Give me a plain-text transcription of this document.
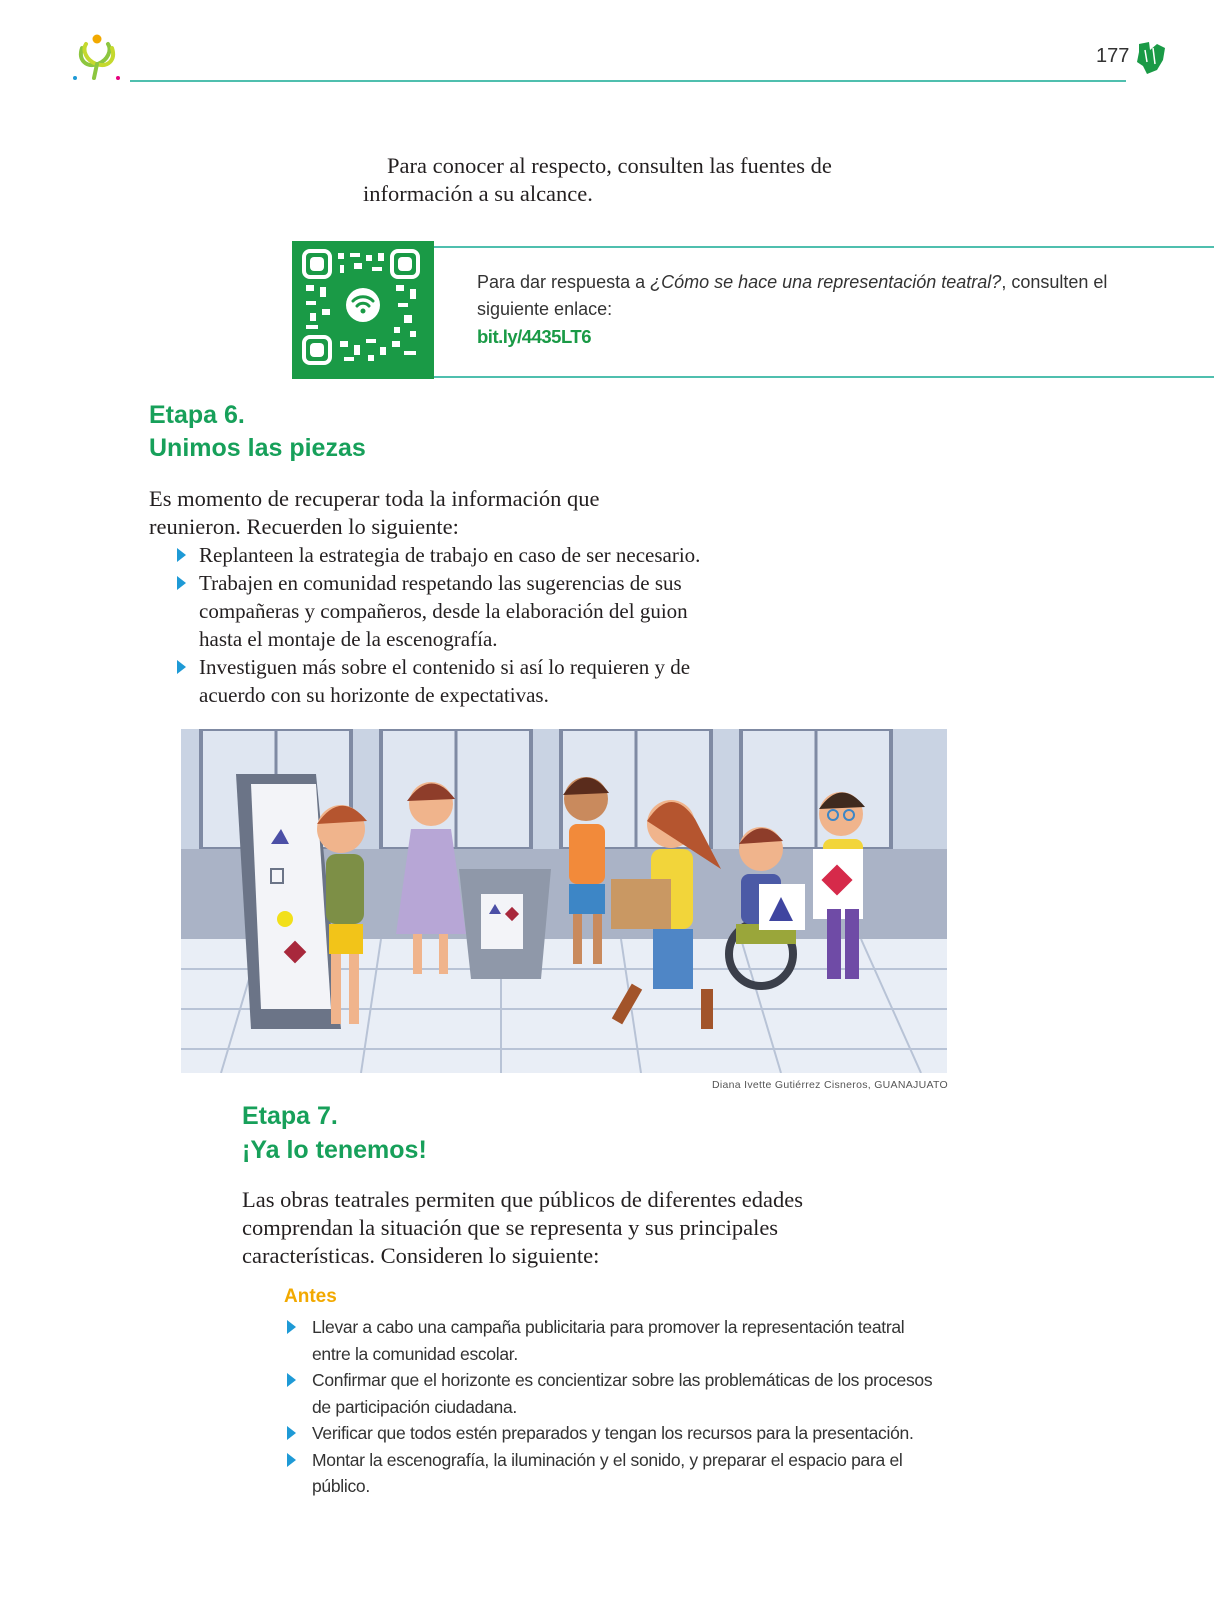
177

Para conocer al respecto, consulten las fuentes de
información a su alcance.

Para dar respuesta a ¿Cómo se hace una representación teatral?, consulten el siguiente enlace:
bit.ly/4435LT6
Etapa 6.
Unimos las piezas

Es momento de recuperar toda la información que reunieron. Recuerden lo siguiente:

Replanteen la estrategia de trabajo en caso de ser necesario.
Trabajen en comunidad respetando las sugerencias de sus compañeras y compañeros, desde la elaboración del guion hasta el montaje de la escenografía.
Investiguen más sobre el contenido si así lo requieren y de acuerdo con su horizonte de expectativas.
Diana Ivette Gutiérrez Cisneros, GUANAJUATO
Etapa 7.
¡Ya lo tenemos!

Las obras teatrales permiten que públicos de diferentes edades comprendan la situación que se representa y sus principales características. Consideren lo siguiente:

Antes
Llevar a cabo una campaña publicitaria para promover la representación teatral entre la comunidad escolar.
Confirmar que el horizonte es concientizar sobre las problemáticas de los procesos de participación ciudadana.
Verificar que todos estén preparados y tengan los recursos para la presentación.
Montar la escenografía, la iluminación y el sonido, y preparar el espacio para el público.
